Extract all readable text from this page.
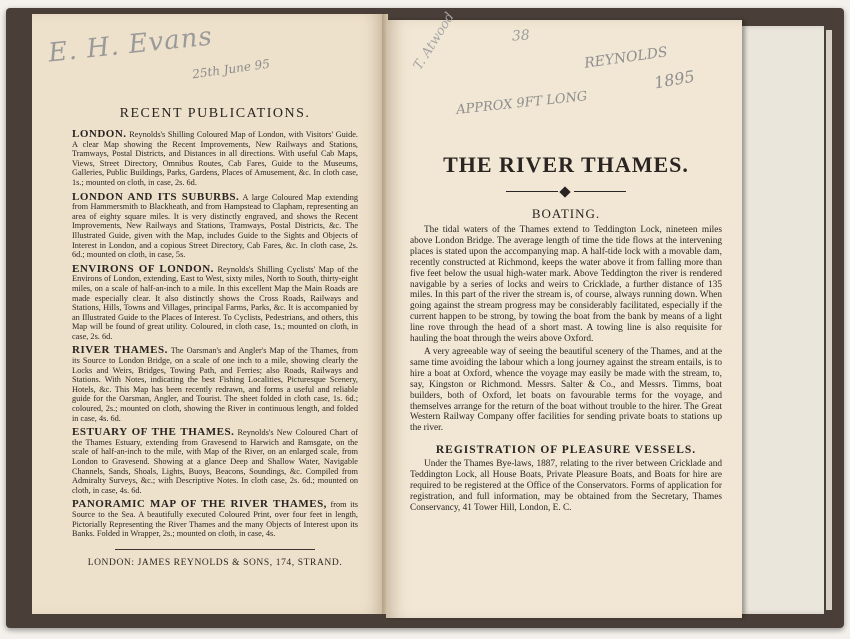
RECENT PUBLICATIONS.

LONDON. Reynolds's Shilling Coloured Map of London, with Visitors' Guide. A clear Map showing the Recent Improvements, New Railways and Stations, Tramways, Postal Districts, and Distances in all directions. With useful Cab Maps, Views, Street Directory, Omnibus Routes, Cab Fares, Guide to the Museums, Galleries, Public Buildings, Parks, Gardens, Places of Amusement, &c. In cloth case, 1s.; mounted on cloth, in case, 2s. 6d.

LONDON AND ITS SUBURBS. A large Coloured Map extending from Hammersmith to Blackheath, and from Hampstead to Clapham, representing an area of eighty square miles. It is very distinctly engraved, and shows the Recent Improvements, New Railways and Stations, Tramways, Postal Districts, &c. The Illustrated Guide, given with the Map, includes Guide to the Sights and Objects of Interest in London, and a copious Street Directory, Cab Fares, &c. In cloth case, 2s. 6d.; mounted on cloth, in case, 5s.

ENVIRONS OF LONDON. Reynolds's Shilling Cyclists' Map of the Environs of London, extending, East to West, sixty miles, North to South, thirty-eight miles, on a scale of half-an-inch to a mile. In this excellent Map the Main Roads are made especially clear. It also distinctly shows the Cross Roads, Railways and Stations, Hills, Towns and Villages, principal Farms, Parks, &c. It is accompanied by an Illustrated Guide to the Places of Interest. To Cyclists, Pedestrians, and others, this Map will be found of great utility. Coloured, in cloth case, 1s.; mounted on cloth, in case, 2s. 6d.

RIVER THAMES. The Oarsman's and Angler's Map of the Thames, from its Source to London Bridge, on a scale of one inch to a mile, showing clearly the Locks and Weirs, Bridges, Towing Path, and Ferries; also Roads, Railways and Stations. With Notes, indicating the best Fishing Localities, Picturesque Scenery, Hotels, &c. This Map has been recently redrawn, and forms a useful and reliable guide for the Oarsman, Angler, and Tourist. The sheet folded in cloth case, 1s. 6d.; coloured, 2s.; mounted on cloth, showing the River in continuous length, and folded in case, 4s. 6d.

ESTUARY OF THE THAMES. Reynolds's New Coloured Chart of the Thames Estuary, extending from Gravesend to Harwich and Ramsgate, on the scale of half-an-inch to the mile, with Map of the River, on an enlarged scale, from London to Gravesend. Showing at a glance Deep and Shallow Water, Navigable Channels, Sands, Shoals, Lights, Buoys, Beacons, Soundings, &c. Compiled from Admiralty Surveys, &c.; with Descriptive Notes. In cloth case, 2s. 6d.; mounted on cloth, in case, 4s. 6d.

PANORAMIC MAP OF THE RIVER THAMES, from its Source to the Sea. A beautifully executed Coloured Print, over four feet in length, Pictorially Representing the River Thames and the many Objects of Interest upon its Banks. Folded in Wrapper, 2s.; mounted on cloth, in case, 4s.

LONDON: JAMES REYNOLDS & SONS, 174, STRAND.
THE RIVER THAMES.
BOATING.

The tidal waters of the Thames extend to Teddington Lock, nineteen miles above London Bridge. The average length of time the tide flows at the intervening places is stated upon the accompanying map. A half-tide lock with a movable dam, recently constructed at Richmond, keeps the water above it from falling more than five feet below the usual high-water mark. Above Teddington the river is rendered navigable by a series of locks and weirs to Cricklade, a further distance of 135 miles. In this part of the river the stream is, of course, always running down. When going against the stream progress may be considerably facilitated, especially if the current happen to be strong, by towing the boat from the bank by means of a light line rove through the head of a short mast. A towing line is also requisite for hauling the boat through the weirs above Oxford.

A very agreeable way of seeing the beautiful scenery of the Thames, and at the same time avoiding the labour which a long journey against the stream entails, is to hire a boat at Oxford, whence the voyage may easily be made with the stream, to, say, Kingston or Richmond. Messrs. Salter & Co., and Messrs. Timms, boat builders, both of Oxford, let boats on favourable terms for the voyage, and themselves arrange for the return of the boat without trouble to the hirer. The Great Western Railway Company offer facilities for sending private boats to stations up the river.

REGISTRATION OF PLEASURE VESSELS.

Under the Thames Bye-laws, 1887, relating to the river between Cricklade and Teddington Lock, all House Boats, Private Pleasure Boats, and Boats for hire are required to be registered at the Office of the Conservators. Forms of application for registration, and full information, may be obtained from the Secretary, Thames Conservancy, 41 Tower Hill, London, E. C.

E. H. Evans
25th June 95	T. Atwood	38
REYNOLDS
1895
APPROX 9FT LONG
